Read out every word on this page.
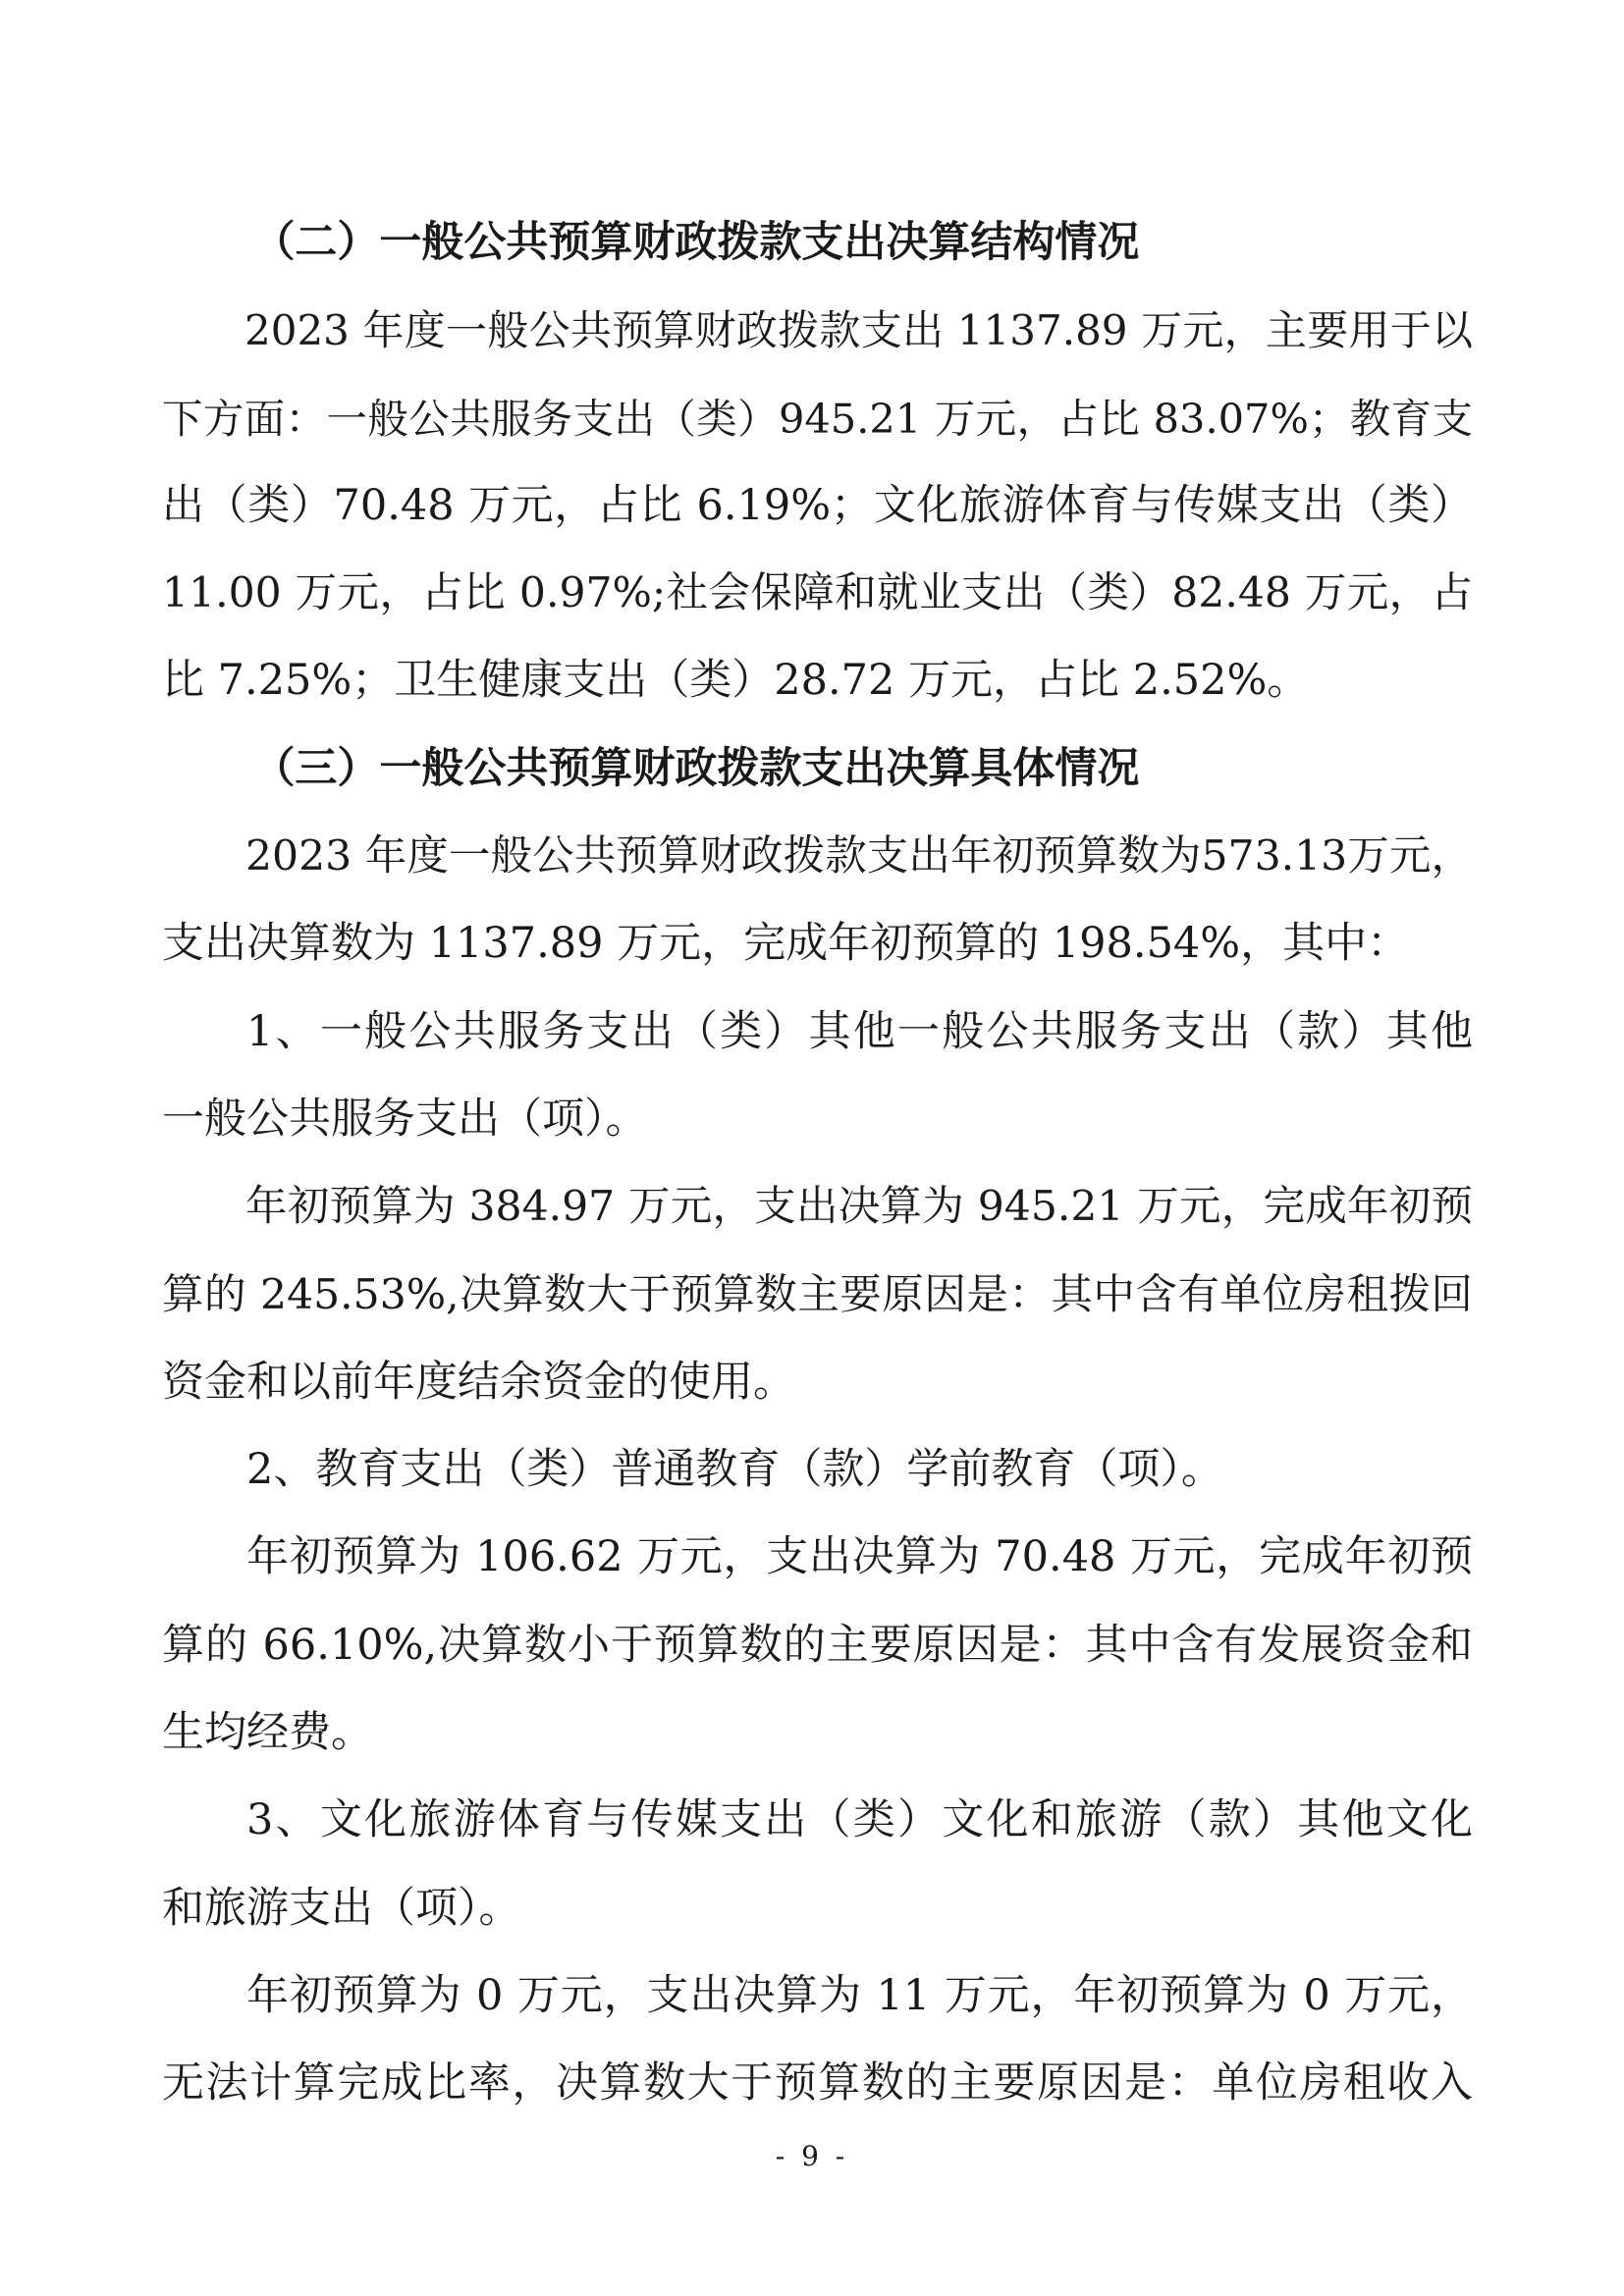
（二）一般公共预算财政拨款支出决算结构情况
2023 年度一般公共预算财政拨款支出 1137.89 万元，主要用于以
下方面：一般公共服务支出（类）945.21 万元，占比 83.07%；教育支
出（类）70.48 万元，占比 6.19%；文化旅游体育与传媒支出（类）
11.00 万元，占比 0.97%;社会保障和就业支出（类）82.48 万元，占
比 7.25%；卫生健康支出（类）28.72 万元，占比 2.52%。
（三）一般公共预算财政拨款支出决算具体情况
2023 年度一般公共预算财政拨款支出年初预算数为573.13万元，
支出决算数为 1137.89 万元，完成年初预算的 198.54%，其中：
1、一般公共服务支出（类）其他一般公共服务支出（款）其他
一般公共服务支出（项）。
年初预算为 384.97 万元，支出决算为 945.21 万元，完成年初预
算的 245.53%,决算数大于预算数主要原因是：其中含有单位房租拨回
资金和以前年度结余资金的使用。
2、教育支出（类）普通教育（款）学前教育（项）。
年初预算为 106.62 万元，支出决算为 70.48 万元，完成年初预
算的 66.10%,决算数小于预算数的主要原因是：其中含有发展资金和
生均经费。
3、文化旅游体育与传媒支出（类）文化和旅游（款）其他文化
和旅游支出（项）。
年初预算为 0 万元，支出决算为 11 万元，年初预算为 0 万元，
无法计算完成比率，决算数大于预算数的主要原因是：单位房租收入
- 9 -
